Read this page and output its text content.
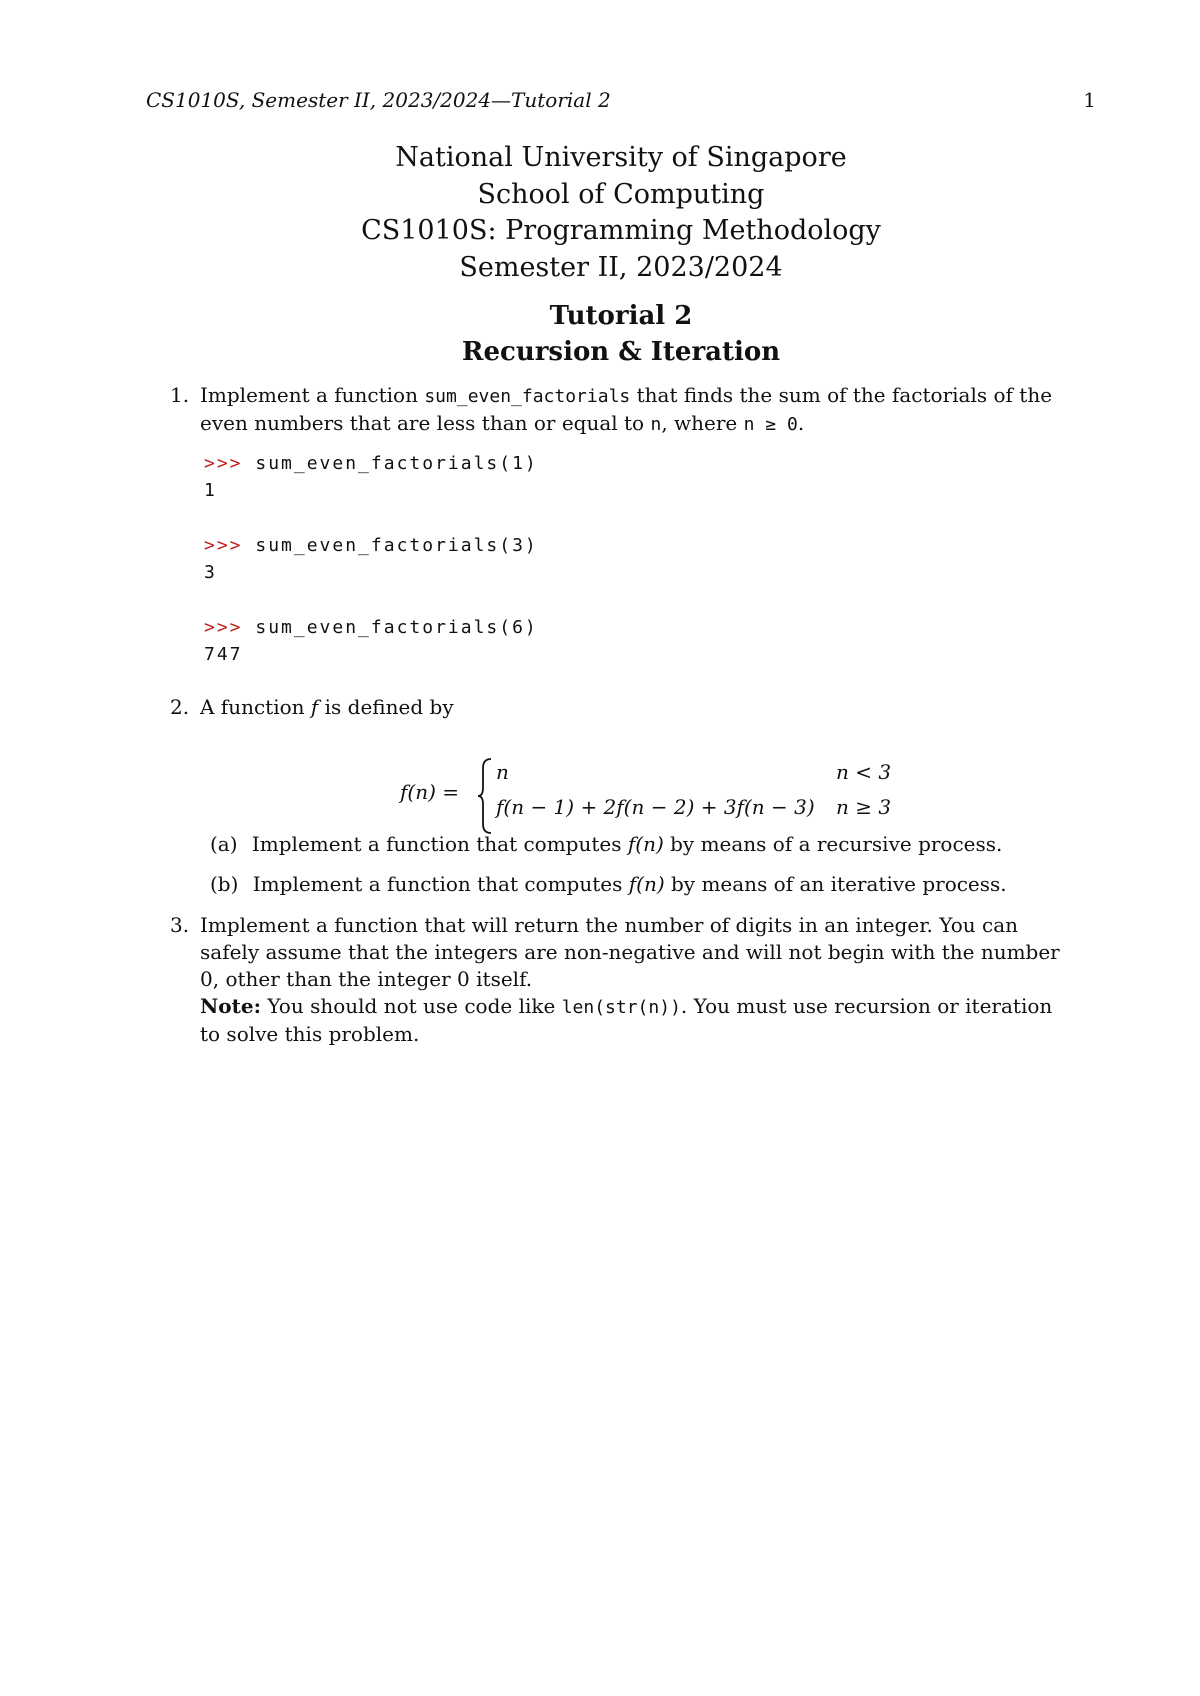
CS1010S, Semester II, 2023/2024—Tutorial 2	1
National University of Singapore
School of Computing
CS1010S: Programming Methodology
Semester II, 2023/2024
Tutorial 2
Recursion & Iteration
1. Implement a function sum_even_factorials that finds the sum of the factorials of the
even numbers that are less than or equal to n, where n ≥ 0.
>>> sum_even_factorials(1)
1
>>> sum_even_factorials(3)
3
>>> sum_even_factorials(6)
747
2. A function f is defined by
f(n) =
n	n < 3
f(n − 1) + 2f(n − 2) + 3f(n − 3) n ≥ 3
(a) Implement a function that computes f(n) by means of a recursive process.
(b) Implement a function that computes f(n) by means of an iterative process.
3. Implement a function that will return the number of digits in an integer. You can
safely assume that the integers are non-negative and will not begin with the number
0, other than the integer 0 itself.
Note: You should not use code like len(str(n)). You must use recursion or iteration
to solve this problem.
